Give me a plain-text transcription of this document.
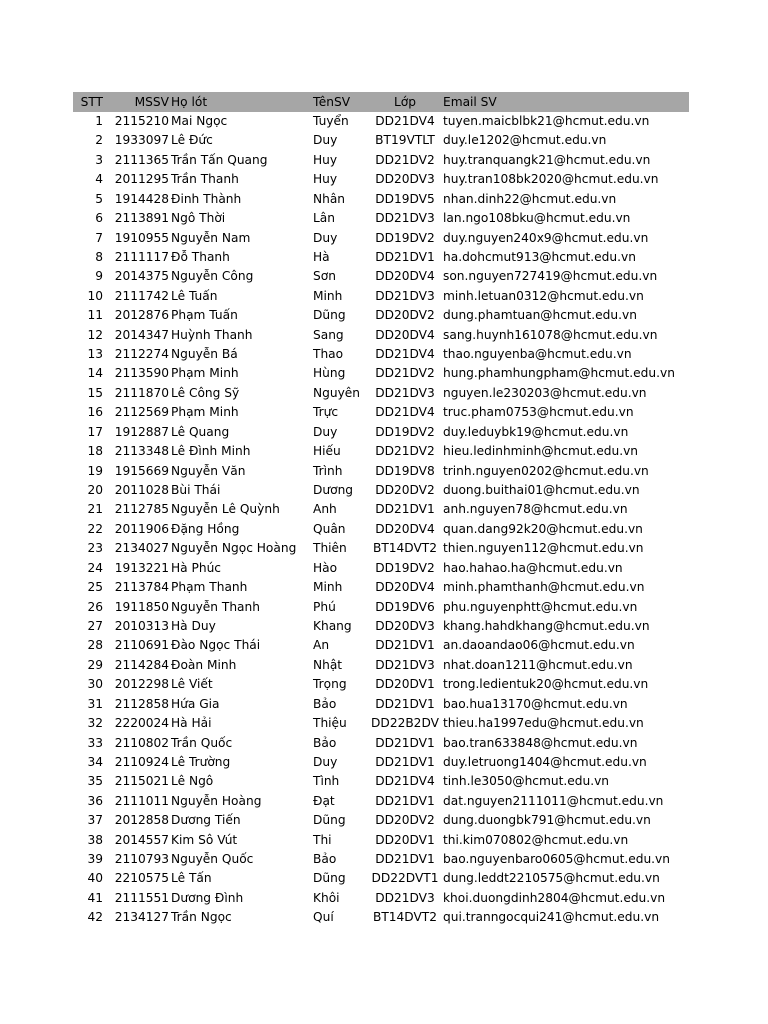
STT	MSSV	Họ lót	TênSV	Lớp	Email SV
1	2115210	Mai Ngọc	Tuyển	DD21DV4	tuyen.maicblbk21@hcmut.edu.vn
2	1933097	Lê Đức	Duy	BT19VTLT	duy.le1202@hcmut.edu.vn
3	2111365	Trần Tấn Quang	Huy	DD21DV2	huy.tranquangk21@hcmut.edu.vn
4	2011295	Trần Thanh	Huy	DD20DV3	huy.tran108bk2020@hcmut.edu.vn
5	1914428	Đinh Thành	Nhân	DD19DV5	nhan.dinh22@hcmut.edu.vn
6	2113891	Ngô Thời	Lân	DD21DV3	lan.ngo108bku@hcmut.edu.vn
7	1910955	Nguyễn Nam	Duy	DD19DV2	duy.nguyen240x9@hcmut.edu.vn
8	2111117	Đỗ Thanh	Hà	DD21DV1	ha.dohcmut913@hcmut.edu.vn
9	2014375	Nguyễn Công	Sơn	DD20DV4	son.nguyen727419@hcmut.edu.vn
10	2111742	Lê Tuấn	Minh	DD21DV3	minh.letuan0312@hcmut.edu.vn
11	2012876	Phạm Tuấn	Dũng	DD20DV2	dung.phamtuan@hcmut.edu.vn
12	2014347	Huỳnh Thanh	Sang	DD20DV4	sang.huynh161078@hcmut.edu.vn
13	2112274	Nguyễn Bá	Thao	DD21DV4	thao.nguyenba@hcmut.edu.vn
14	2113590	Phạm Minh	Hùng	DD21DV2	hung.phamhungpham@hcmut.edu.vn
15	2111870	Lê Công Sỹ	Nguyên	DD21DV3	nguyen.le230203@hcmut.edu.vn
16	2112569	Phạm Minh	Trực	DD21DV4	truc.pham0753@hcmut.edu.vn
17	1912887	Lê Quang	Duy	DD19DV2	duy.leduybk19@hcmut.edu.vn
18	2113348	Lê Đình Minh	Hiếu	DD21DV2	hieu.ledinhminh@hcmut.edu.vn
19	1915669	Nguyễn Văn	Trình	DD19DV8	trinh.nguyen0202@hcmut.edu.vn
20	2011028	Bùi Thái	Dương	DD20DV2	duong.buithai01@hcmut.edu.vn
21	2112785	Nguyễn Lê Quỳnh	Anh	DD21DV1	anh.nguyen78@hcmut.edu.vn
22	2011906	Đặng Hồng	Quân	DD20DV4	quan.dang92k20@hcmut.edu.vn
23	2134027	Nguyễn Ngọc Hoàng	Thiên	BT14DVT2	thien.nguyen112@hcmut.edu.vn
24	1913221	Hà Phúc	Hào	DD19DV2	hao.hahao.ha@hcmut.edu.vn
25	2113784	Phạm Thanh	Minh	DD20DV4	minh.phamthanh@hcmut.edu.vn
26	1911850	Nguyễn Thanh	Phú	DD19DV6	phu.nguyenphtt@hcmut.edu.vn
27	2010313	Hà Duy	Khang	DD20DV3	khang.hahdkhang@hcmut.edu.vn
28	2110691	Đào Ngọc Thái	An	DD21DV1	an.daoandao06@hcmut.edu.vn
29	2114284	Đoàn Minh	Nhật	DD21DV3	nhat.doan1211@hcmut.edu.vn
30	2012298	Lê Viết	Trọng	DD20DV1	trong.ledientuk20@hcmut.edu.vn
31	2112858	Hứa Gia	Bảo	DD21DV1	bao.hua13170@hcmut.edu.vn
32	2220024	Hà Hải	Thiệu	DD22B2DV	thieu.ha1997edu@hcmut.edu.vn
33	2110802	Trần Quốc	Bảo	DD21DV1	bao.tran633848@hcmut.edu.vn
34	2110924	Lê Trường	Duy	DD21DV1	duy.letruong1404@hcmut.edu.vn
35	2115021	Lê Ngô	Tình	DD21DV4	tinh.le3050@hcmut.edu.vn
36	2111011	Nguyễn Hoàng	Đạt	DD21DV1	dat.nguyen2111011@hcmut.edu.vn
37	2012858	Dương Tiến	Dũng	DD20DV2	dung.duongbk791@hcmut.edu.vn
38	2014557	Kim Sô Vút	Thi	DD20DV1	thi.kim070802@hcmut.edu.vn
39	2110793	Nguyễn Quốc	Bảo	DD21DV1	bao.nguyenbaro0605@hcmut.edu.vn
40	2210575	Lê Tấn	Dũng	DD22DVT1	dung.leddt2210575@hcmut.edu.vn
41	2111551	Dương Đình	Khôi	DD21DV3	khoi.duongdinh2804@hcmut.edu.vn
42	2134127	Trần Ngọc	Quí	BT14DVT2	qui.tranngocqui241@hcmut.edu.vn
